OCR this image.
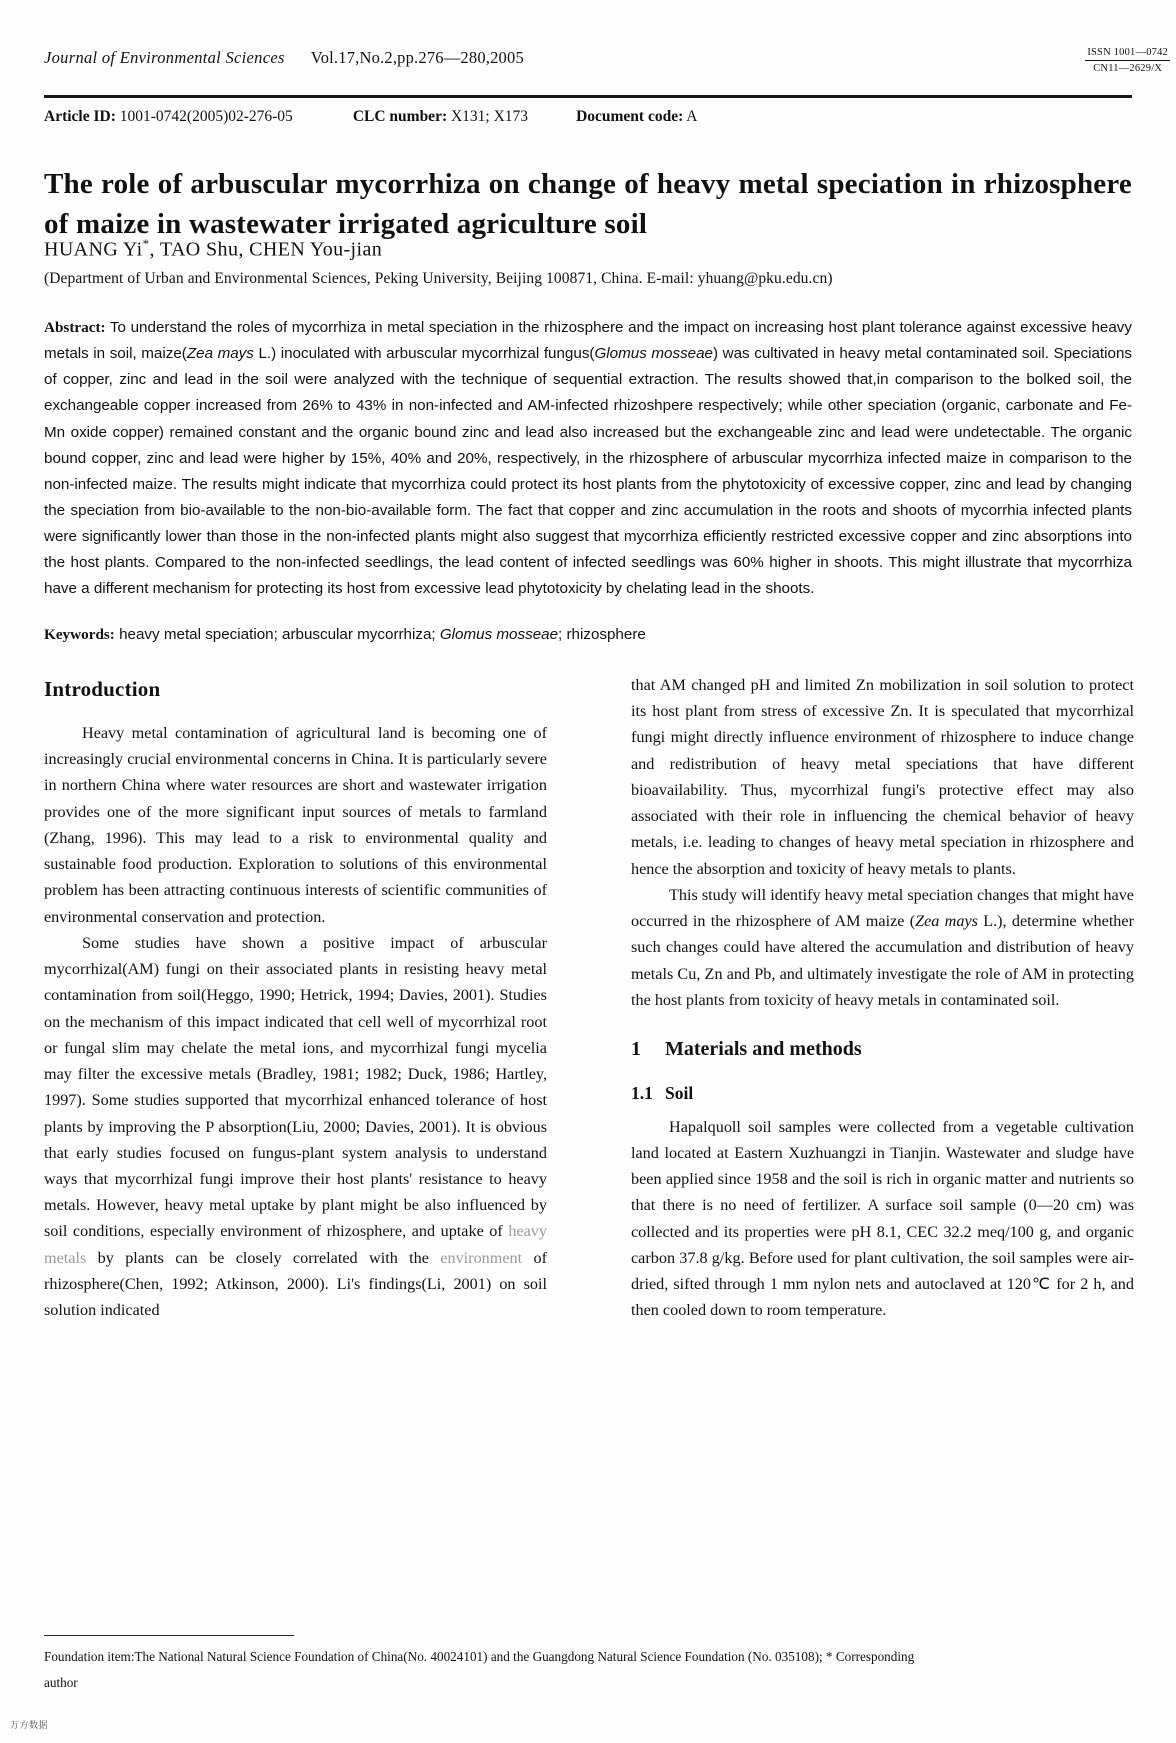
Journal of Environmental Sciences Vol.17,No.2,pp.276—280,2005	ISSN 1001—0742
CN11—2629/X
Article ID: 1001-0742(2005)02-276-05	CLC number: X131; X173	Document code: A
The role of arbuscular mycorrhiza on change of heavy metal speciation in rhizosphere of maize in wastewater irrigated agriculture soil
HUANG Yi*, TAO Shu, CHEN You-jian
(Department of Urban and Environmental Sciences, Peking University, Beijing 100871, China. E-mail: yhuang@pku.edu.cn)
Abstract: To understand the roles of mycorrhiza in metal speciation in the rhizosphere and the impact on increasing host plant tolerance against excessive heavy metals in soil, maize(Zea mays L.) inoculated with arbuscular mycorrhizal fungus(Glomus mosseae) was cultivated in heavy metal contaminated soil. Speciations of copper, zinc and lead in the soil were analyzed with the technique of sequential extraction. The results showed that,in comparison to the bolked soil, the exchangeable copper increased from 26% to 43% in non-infected and AM-infected rhizoshpere respectively; while other speciation (organic, carbonate and Fe-Mn oxide copper) remained constant and the organic bound zinc and lead also increased but the exchangeable zinc and lead were undetectable. The organic bound copper, zinc and lead were higher by 15%, 40% and 20%, respectively, in the rhizosphere of arbuscular mycorrhiza infected maize in comparison to the non-infected maize. The results might indicate that mycorrhiza could protect its host plants from the phytotoxicity of excessive copper, zinc and lead by changing the speciation from bio-available to the non-bio-available form. The fact that copper and zinc accumulation in the roots and shoots of mycorrhia infected plants were significantly lower than those in the non-infected plants might also suggest that mycorrhiza efficiently restricted excessive copper and zinc absorptions into the host plants. Compared to the non-infected seedlings, the lead content of infected seedlings was 60% higher in shoots. This might illustrate that mycorrhiza have a different mechanism for protecting its host from excessive lead phytotoxicity by chelating lead in the shoots.
Keywords: heavy metal speciation; arbuscular mycorrhiza; Glomus mosseae; rhizosphere
Introduction

Heavy metal contamination of agricultural land is becoming one of increasingly crucial environmental concerns in China. It is particularly severe in northern China where water resources are short and wastewater irrigation provides one of the more significant input sources of metals to farmland (Zhang, 1996). This may lead to a risk to environmental quality and sustainable food production. Exploration to solutions of this environmental problem has been attracting continuous interests of scientific communities of environmental conservation and protection.

Some studies have shown a positive impact of arbuscular mycorrhizal(AM) fungi on their associated plants in resisting heavy metal contamination from soil(Heggo, 1990; Hetrick, 1994; Davies, 2001). Studies on the mechanism of this impact indicated that cell well of mycorrhizal root or fungal slim may chelate the metal ions, and mycorrhizal fungi mycelia may filter the excessive metals (Bradley, 1981; 1982; Duck, 1986; Hartley, 1997). Some studies supported that mycorrhizal enhanced tolerance of host plants by improving the P absorption(Liu, 2000; Davies, 2001). It is obvious that early studies focused on fungus-plant system analysis to understand ways that mycorrhizal fungi improve their host plants' resistance to heavy metals. However, heavy metal uptake by plant might be also influenced by soil conditions, especially environment of rhizosphere, and uptake of heavy metals by plants can be closely correlated with the environment of rhizosphere(Chen, 1992; Atkinson, 2000). Li's findings(Li, 2001) on soil solution indicated

that AM changed pH and limited Zn mobilization in soil solution to protect its host plant from stress of excessive Zn. It is speculated that mycorrhizal fungi might directly influence environment of rhizosphere to induce change and redistribution of heavy metal speciations that have different bioavailability. Thus, mycorrhizal fungi's protective effect may also associated with their role in influencing the chemical behavior of heavy metals, i.e. leading to changes of heavy metal speciation in rhizosphere and hence the absorption and toxicity of heavy metals to plants.

This study will identify heavy metal speciation changes that might have occurred in the rhizosphere of AM maize (Zea mays L.), determine whether such changes could have altered the accumulation and distribution of heavy metals Cu, Zn and Pb, and ultimately investigate the role of AM in protecting the host plants from toxicity of heavy metals in contaminated soil.

1 Materials and methods
1.1 Soil

Hapalquoll soil samples were collected from a vegetable cultivation land located at Eastern Xuzhuangzi in Tianjin. Wastewater and sludge have been applied since 1958 and the soil is rich in organic matter and nutrients so that there is no need of fertilizer. A surface soil sample (0—20 cm) was collected and its properties were pH 8.1, CEC 32.2 meq/100 g, and organic carbon 37.8 g/kg. Before used for plant cultivation, the soil samples were air-dried, sifted through 1 mm nylon nets and autoclaved at 120℃ for 2 h, and then cooled down to room temperature.

Foundation item:The National Natural Science Foundation of China(No. 40024101) and the Guangdong Natural Science Foundation (No. 035108); * Corresponding
author
万方数据
